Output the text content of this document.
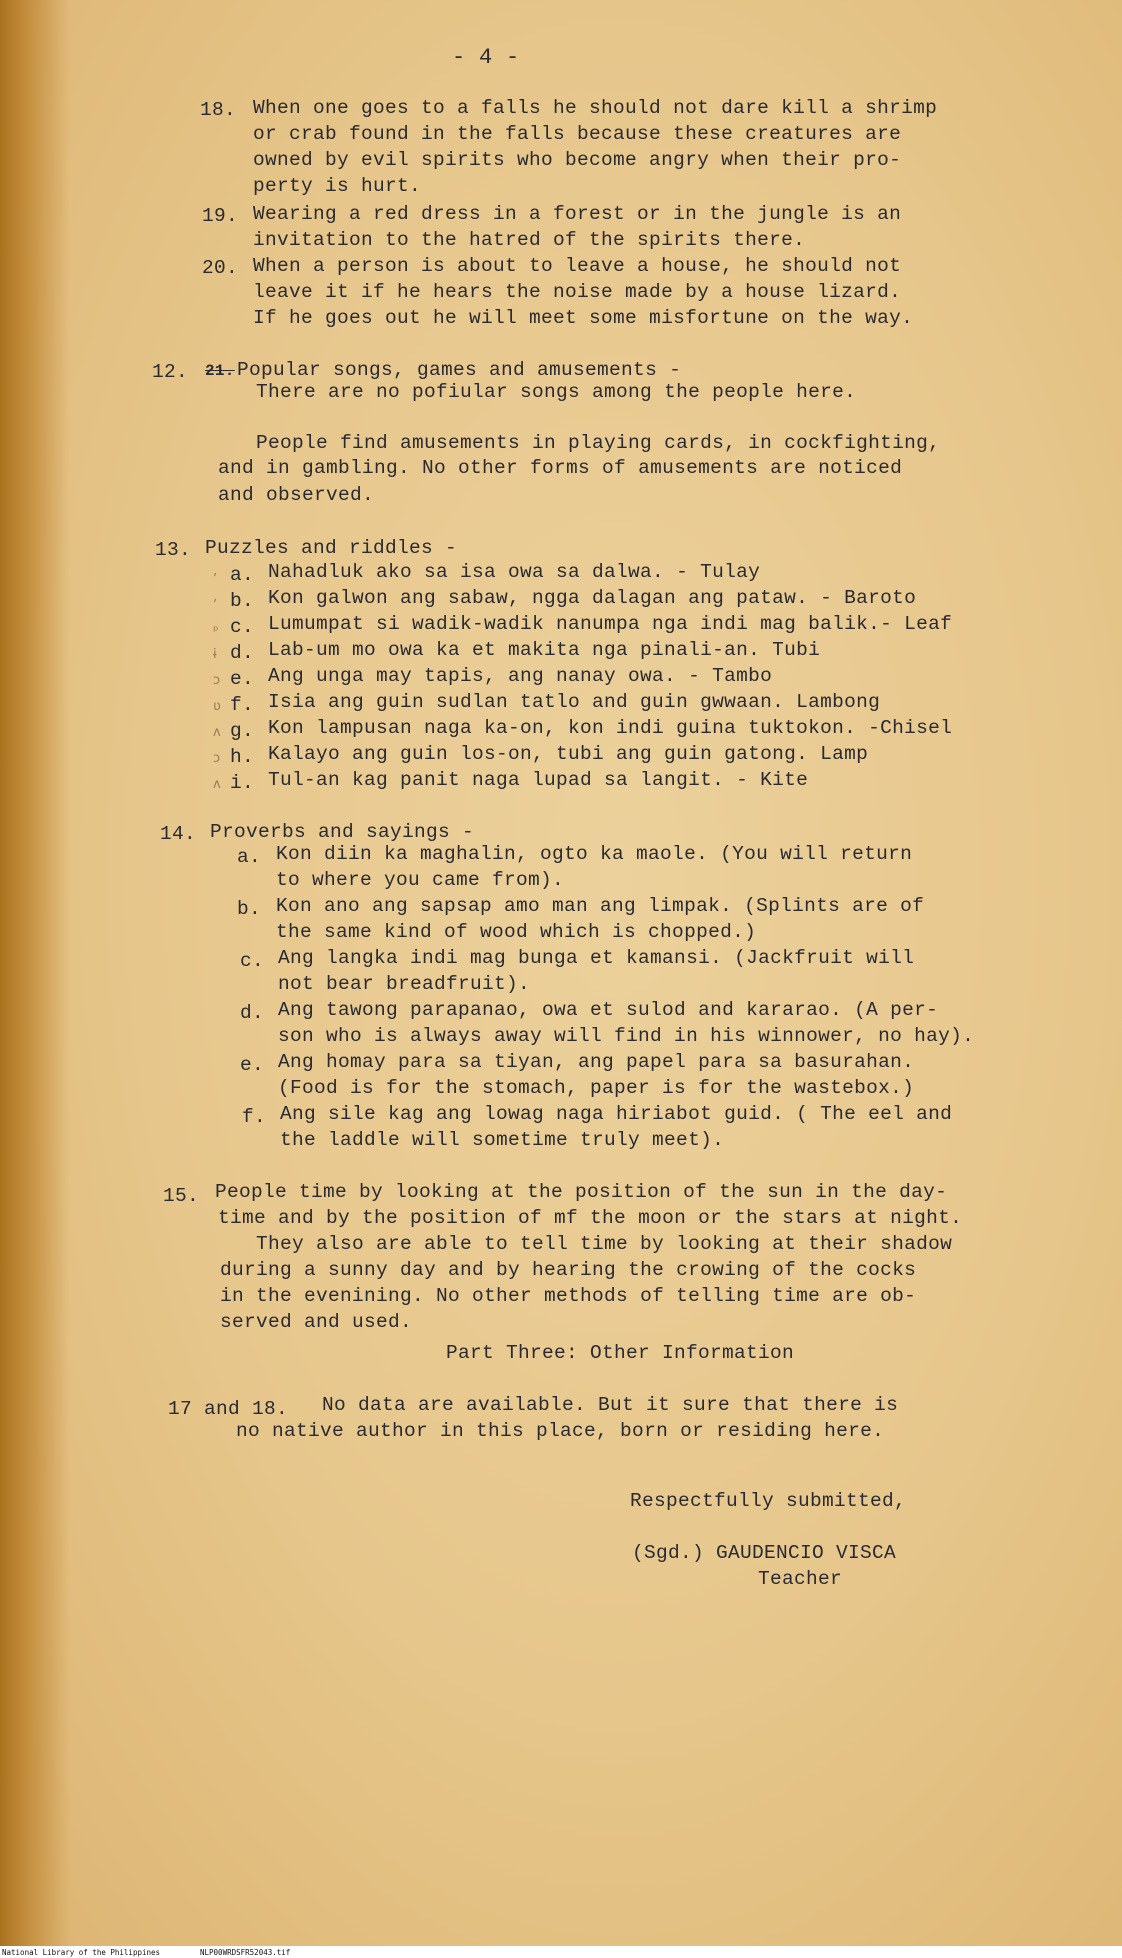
- 4 -
18. When one goes to a falls he should not dare kill a shrimp
or crab found in the falls because these creatures are
owned by evil spirits who become angry when their pro-
perty is hurt.
19. Wearing a red dress in a forest or in the jungle is an
invitation to the hatred of the spirits there.
20. When a person is about to leave a house, he should not
leave it if he hears the noise made by a house lizard.
If he goes out he will meet some misfortune on the way.
12. 21. Popular songs, games and amusements -
There are no pofiular songs among the people here.
People find amusements in playing cards, in cockfighting,
and in gambling. No other forms of amusements are noticed
and observed.
13. Puzzles and riddles -
a. Nahadluk ako sa isa owa sa dalwa. - Tulay
b. Kon galwon ang sabaw, ngga dalagan ang pataw. - Baroto
c. Lumumpat si wadik-wadik nanumpa nga indi mag balik.- Leaf
d. Lab-um mo owa ka et makita nga pinali-an. Tubi
e. Ang unga may tapis, ang nanay owa. - Tambo
f. Isia ang guin sudlan tatlo and guin gwwaan. Lambong
g. Kon lampusan naga ka-on, kon indi guina tuktokon. -Chisel
h. Kalayo ang guin los-on, tubi ang guin gatong. Lamp
i. Tul-an kag panit naga lupad sa langit. - Kite
’
’
ᵖ
ɨ
ɔ
ʋ
ʌ
ɔ
ʌ
14. Proverbs and sayings -
a. Kon diin ka maghalin, ogto ka maole. (You will return
to where you came from).
b. Kon ano ang sapsap amo man ang limpak. (Splints are of
the same kind of wood which is chopped.)
c. Ang langka indi mag bunga et kamansi. (Jackfruit will
not bear breadfruit).
d. Ang tawong parapanao, owa et sulod and kararao. (A per-
son who is always away will find in his winnower, no hay).
e. Ang homay para sa tiyan, ang papel para sa basurahan.
(Food is for the stomach, paper is for the wastebox.)
f. Ang sile kag ang lowag naga hiriabot guid. ( The eel and
the laddle will sometime truly meet).
15. People time by looking at the position of the sun in the day-
time and by the position of mf the moon or the stars at night.
They also are able to tell time by looking at their shadow
during a sunny day and by hearing the crowing of the cocks
in the evenining. No other methods of telling time are ob-
served and used.
Part Three: Other Information
17 and 18. No data are available. But it sure that there is
no native author in this place, born or residing here.
Respectfully submitted,
(Sgd.) GAUDENCIO VISCA
Teacher
National Library of the Philippines	NLP00WRDSFR52043.tif
